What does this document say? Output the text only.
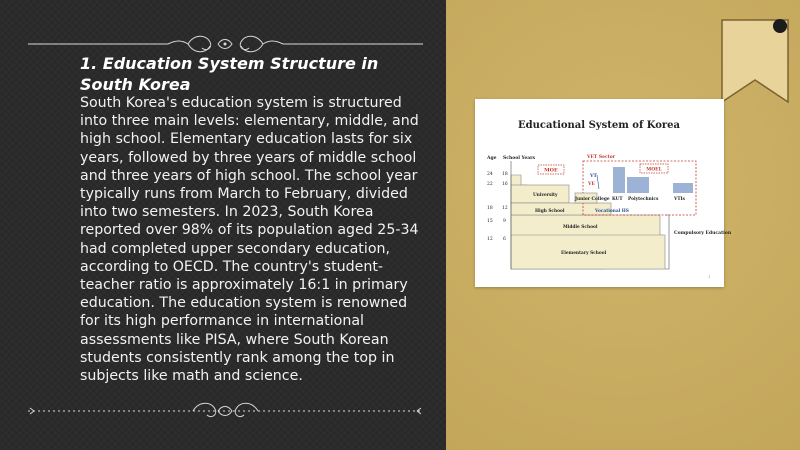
1. Education System Structure in South Korea

South Korea's education system is structured into three main levels: elementary, middle, and high school. Elementary education lasts for six years, followed by three years of middle school and three years of high school. The school year typically runs from March to February, divided into two semesters. In 2023, South Korea reported over 98% of its population aged 25-34 had completed upper secondary education, according to OECD. The country's student-teacher ratio is approximately 16:1 in primary education. The education system is renowned for its high performance in international assessments like PISA, where South Korean students consistently rank among the top in subjects like math and science.

Educational System of Korea
Age School Years
24
22
18
15
12
18
16
12
9
6
Compulsory Education
VET Sector
MOE	MOEL
VT
VE
University
Junior College KUT Polytechnics	VTIs
High School	Vocational HS
Middle School
Elementary School
1
